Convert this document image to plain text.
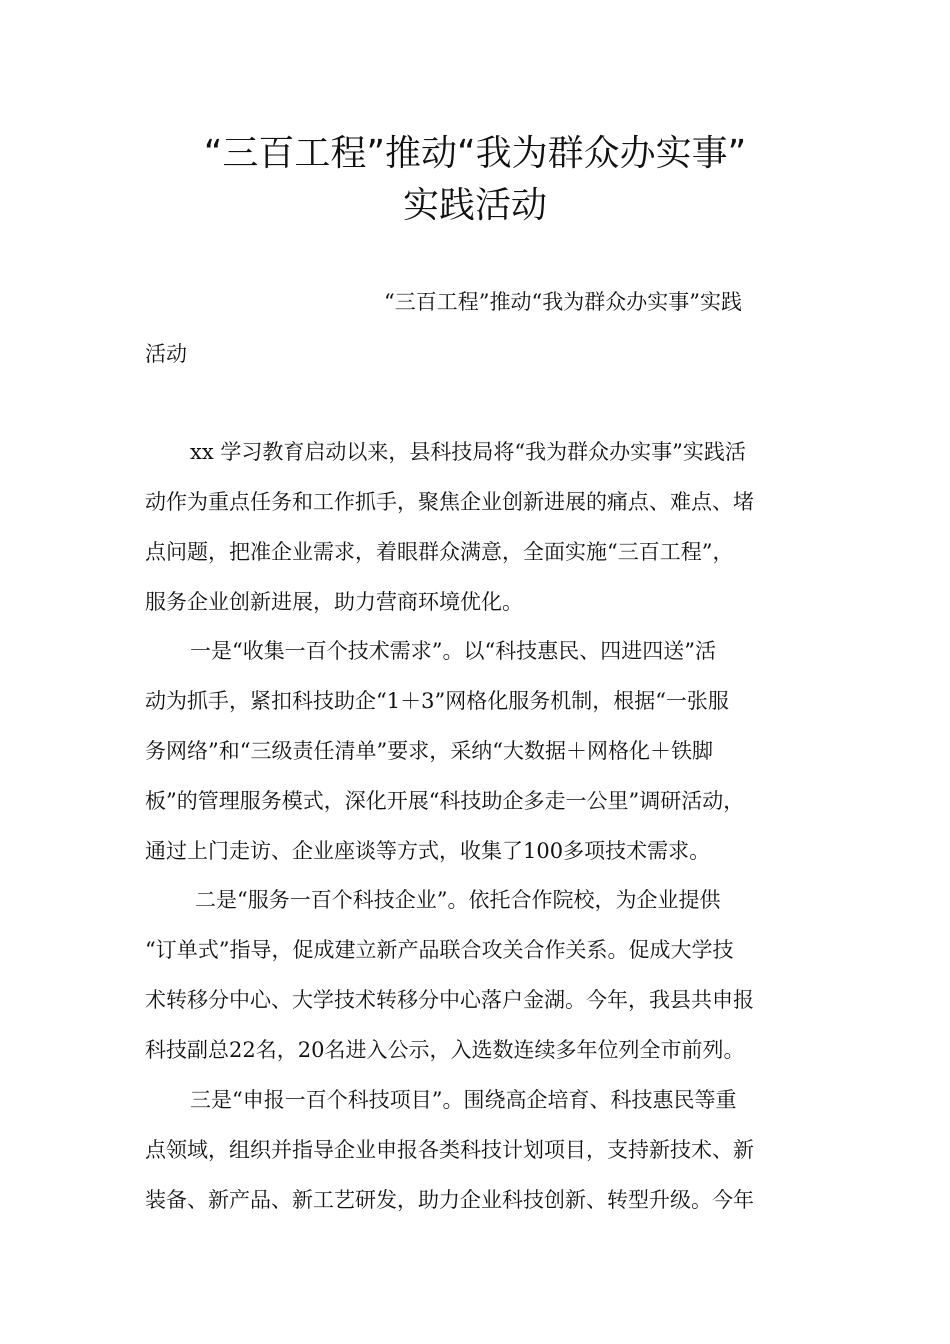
“三百工程”推动“我为群众办实事”
实践活动

“三百工程”推动“我为群众办实事”实践

活动

xx 学习教育启动以来，县科技局将“我为群众办实事”实践活

动作为重点任务和工作抓手，聚焦企业创新进展的痛点、难点、堵

点问题，把准企业需求，着眼群众满意，全面实施“三百工程”，

服务企业创新进展，助力营商环境优化。

一是“收集一百个技术需求”。以“科技惠民、四进四送”活

动为抓手，紧扣科技助企“1＋3”网格化服务机制，根据“一张服

务网络”和“三级责任清单”要求，采纳“大数据＋网格化＋铁脚

板”的管理服务模式，深化开展“科技助企多走一公里”调研活动，

通过上门走访、企业座谈等方式，收集了100多项技术需求。

二是“服务一百个科技企业”。依托合作院校，为企业提供

“订单式”指导，促成建立新产品联合攻关合作关系。促成大学技

术转移分中心、大学技术转移分中心落户金湖。今年，我县共申报

科技副总22名，20名进入公示，入选数连续多年位列全市前列。

三是“申报一百个科技项目”。围绕高企培育、科技惠民等重

点领域，组织并指导企业申报各类科技计划项目，支持新技术、新

装备、新产品、新工艺研发，助力企业科技创新、转型升级。今年
